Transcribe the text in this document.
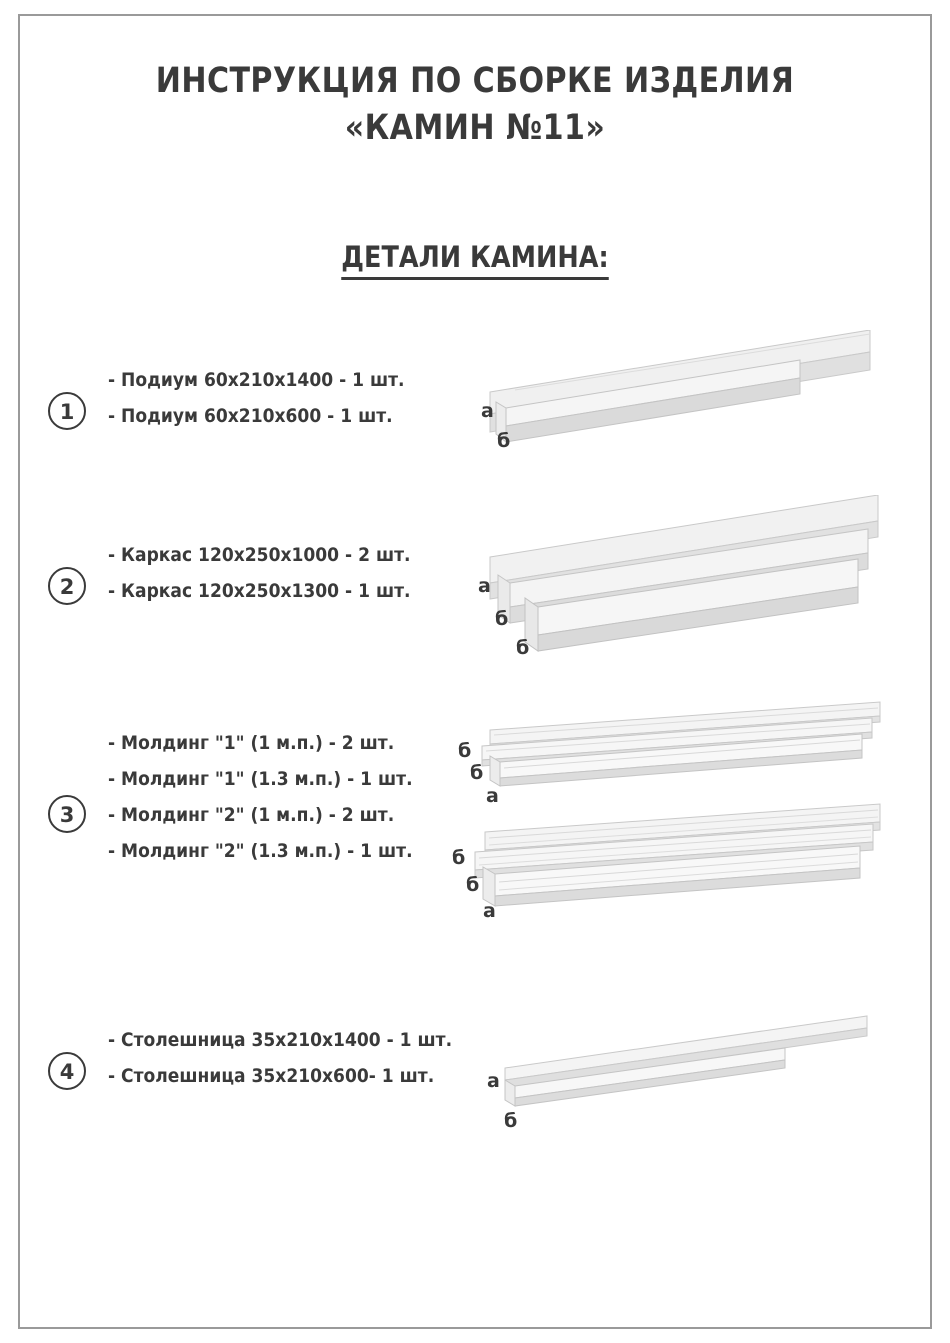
ИНСТРУКЦИЯ ПО СБОРКЕ ИЗДЕЛИЯ
«КАМИН №11»
ДЕТАЛИ КАМИНА:
1
- Подиум 60х210х1400 - 1 шт.
- Подиум 60х210х600 - 1 шт.	а
б
2
- Каркас 120х250х1000 - 2 шт.
- Каркас 120х250х1300 - 1 шт.	а
б
б
3
- Молдинг "1" (1 м.п.) - 2 шт.
- Молдинг "1" (1.3 м.п.) - 1 шт.
- Молдинг "2" (1 м.п.) - 2 шт.
- Молдинг "2" (1.3 м.п.) - 1 шт.
б
б
а
б
б
а
4
- Столешница 35х210х1400 - 1 шт.
- Столешница 35х210х600- 1 шт.	а
б
